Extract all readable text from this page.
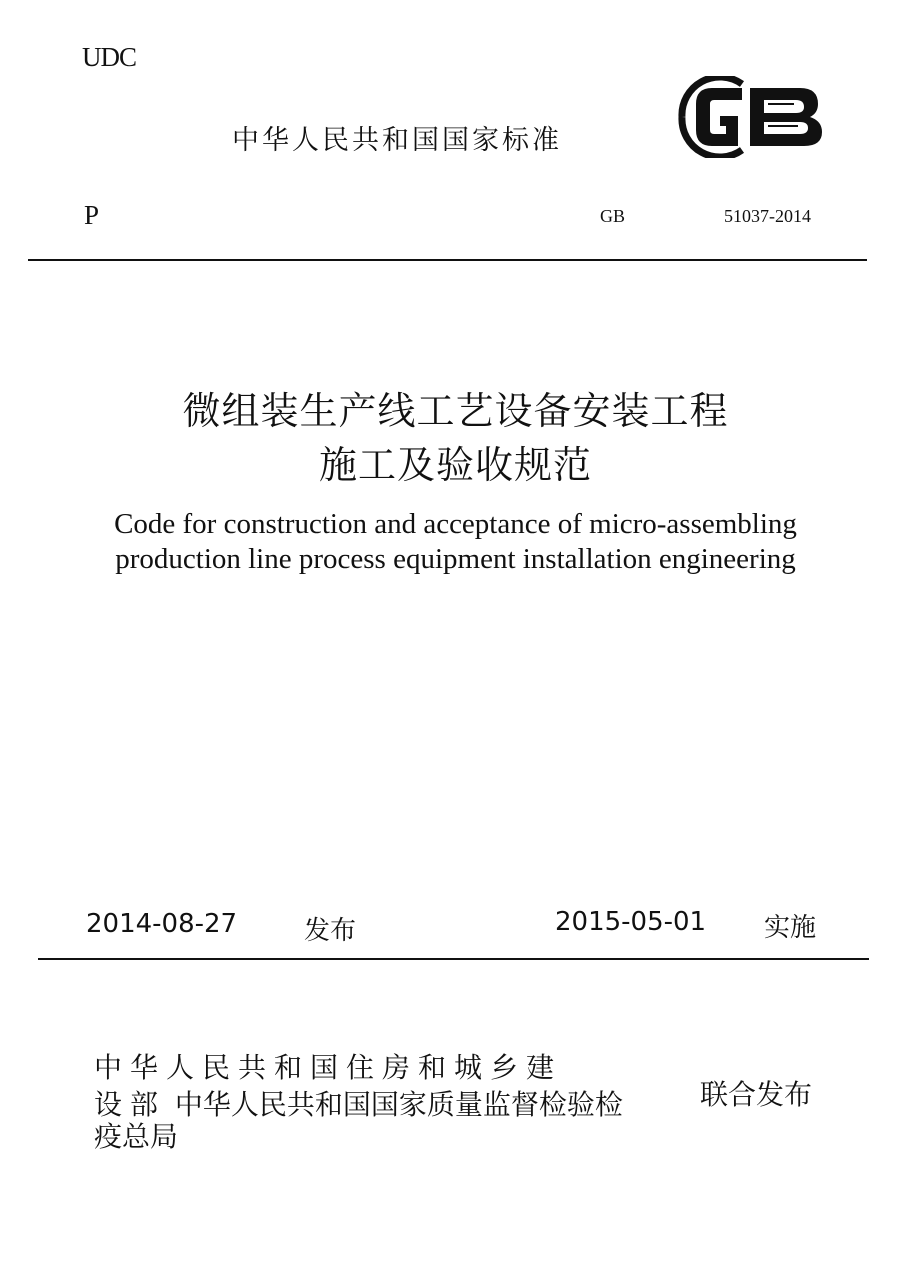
UDC
中华人民共和国国家标准
P	GB	51037-2014
微组装生产线工艺设备安装工程
施工及验收规范
Code for construction and acceptance of micro-assembling
production line process equipment installation engineering
2014-08-27	发布	2015-05-01 实施
中华人民共和国住房和城乡建
设部 中华人民共和国国家质量监督检验检
疫总局
联合发布
